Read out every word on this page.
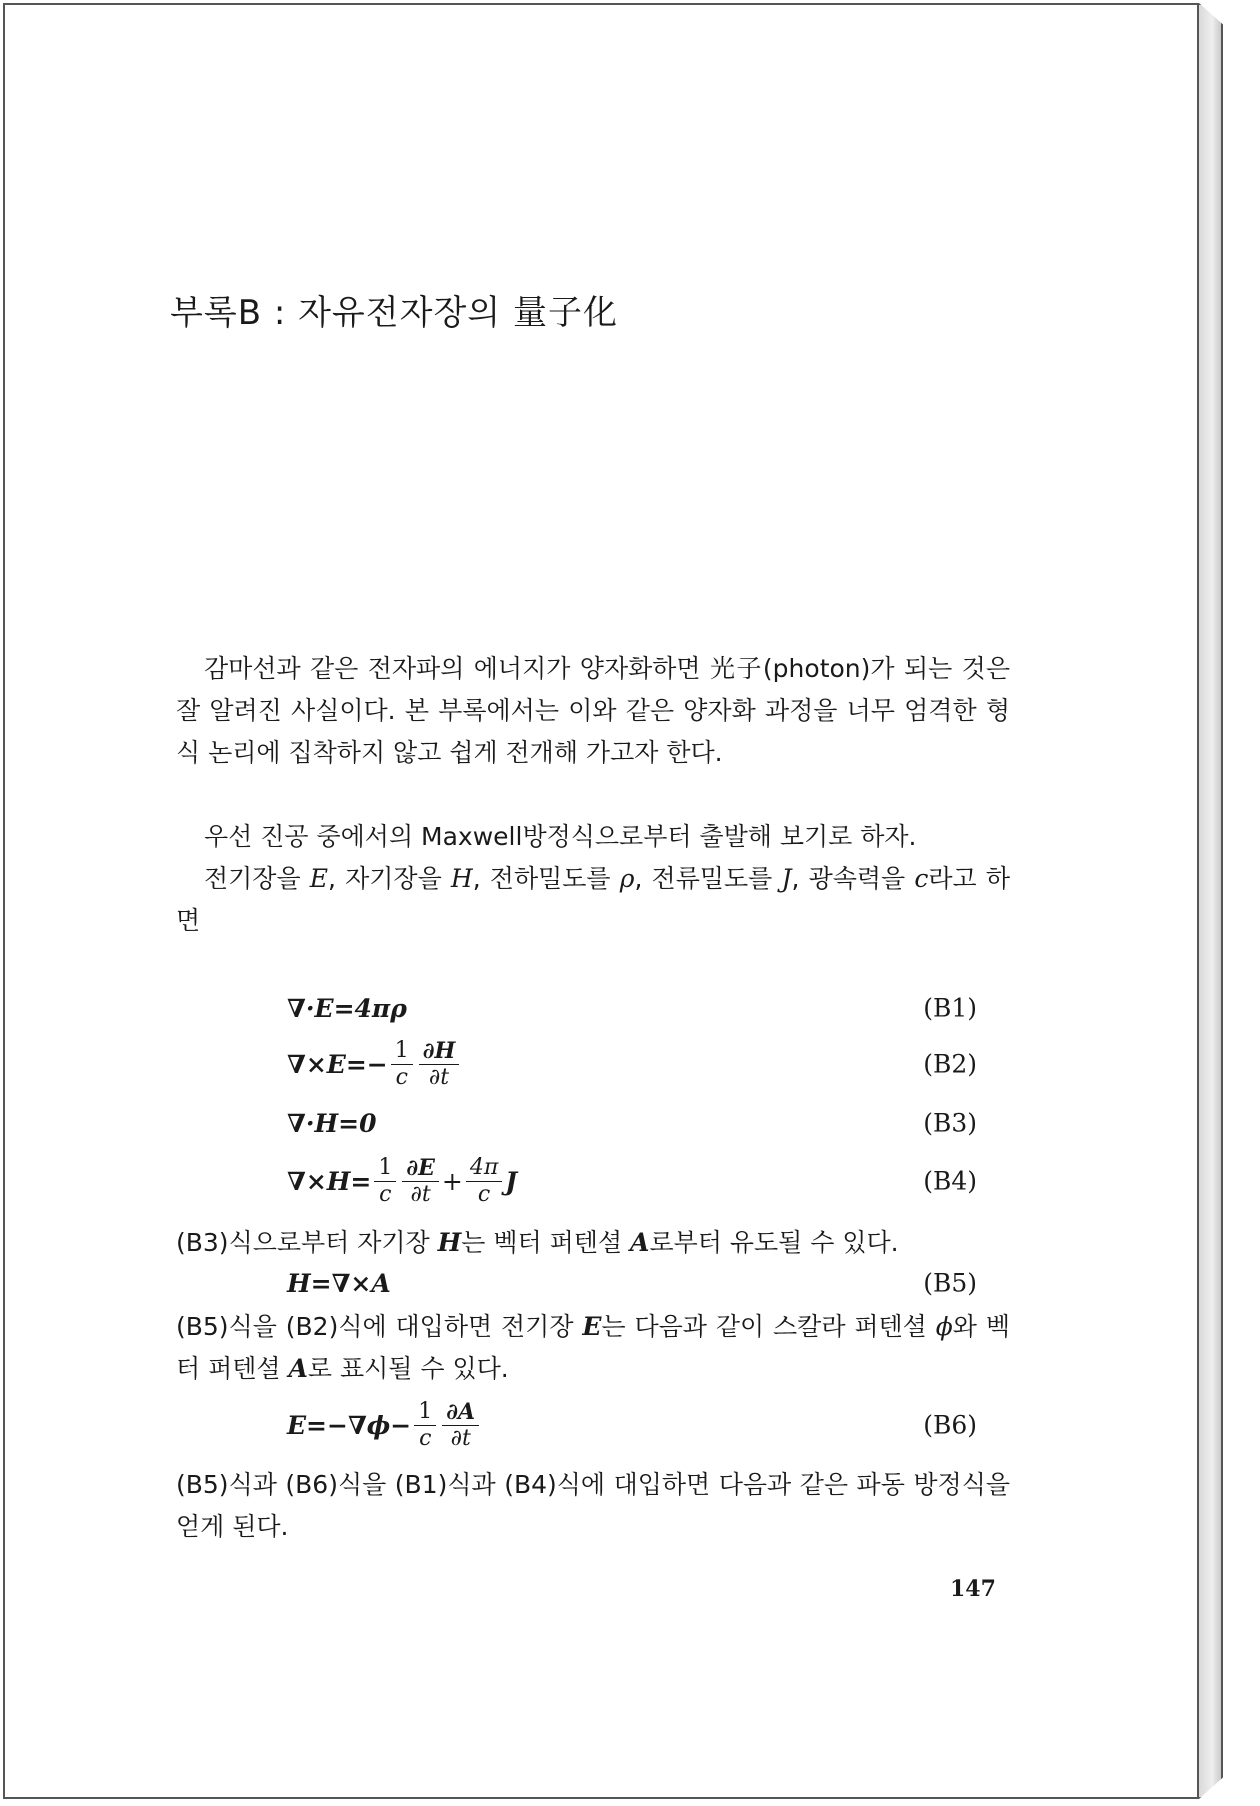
부록B : 자유전자장의 量子化

감마선과 같은 전자파의 에너지가 양자화하면 光子(photon)가 되는 것은 잘 알려진 사실이다. 본 부록에서는 이와 같은 양자화 과정을 너무 엄격한 형식 논리에 집착하지 않고 쉽게 전개해 가고자 한다.

우선 진공 중에서의 Maxwell방정식으로부터 출발해 보기로 하자.

전기장을 E, 자기장을 H, 전하밀도를 ρ, 전류밀도를 J, 광속력을 c라고 하면

∇·E=4πρ	(B1)
$\nabla\times E=- \frac{1}{c} \frac{\partial H}{\partial t}$	(B2)
∇·H=0	(B3)
$\nabla\times H= \frac{1}{c} \frac{\partial E}{\partial t} + \frac{4\pi}{c}$ J	(B4)

(B3)식으로부터 자기장 H는 벡터 퍼텐셜 A로부터 유도될 수 있다.

H=∇×A	(B5)

(B5)식을 (B2)식에 대입하면 전기장 E는 다음과 같이 스칼라 퍼텐셜 ϕ와 벡터 퍼텐셜 A로 표시될 수 있다.

$E=-\nabla\phi- \frac{1}{c} \frac{\partial A}{\partial t}$	(B6)

(B5)식과 (B6)식을 (B1)식과 (B4)식에 대입하면 다음과 같은 파동 방정식을 얻게 된다.

147
